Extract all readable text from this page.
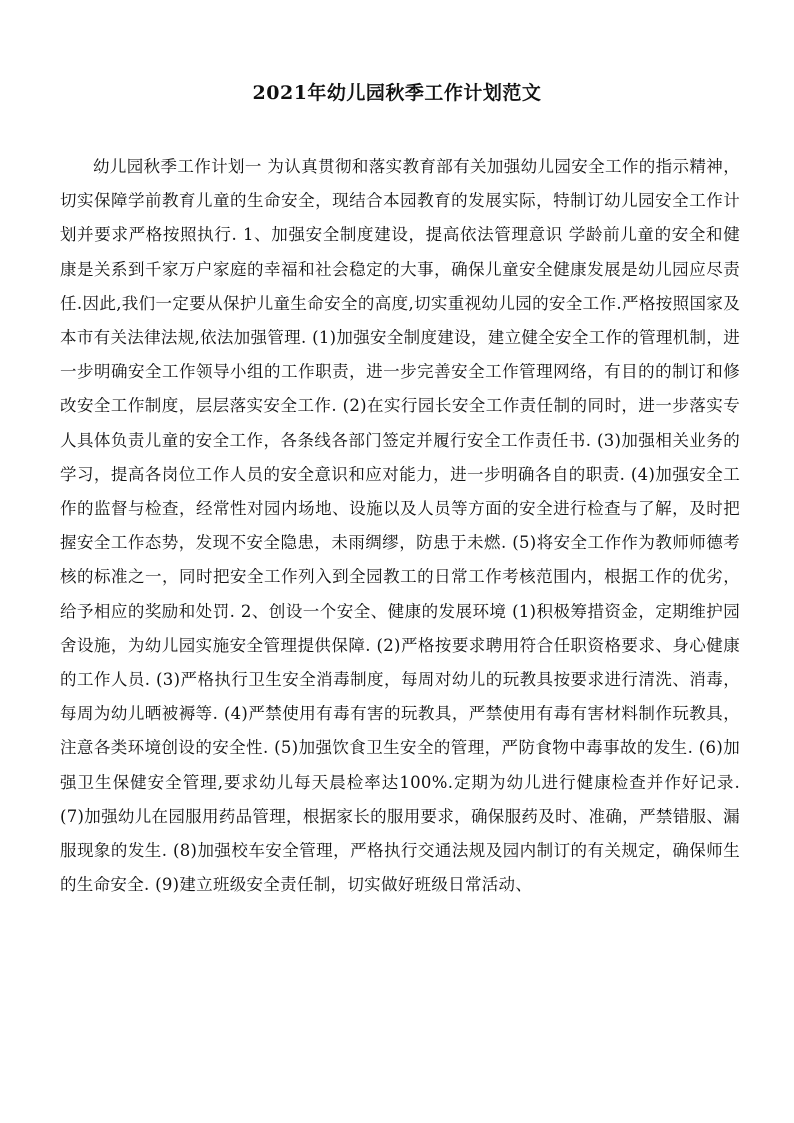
2021年幼儿园秋季工作计划范文

幼儿园秋季工作计划一 为认真贯彻和落实教育部有关加强幼儿园安全工作的指示精神，切实保障学前教育儿童的生命安全，现结合本园教育的发展实际，特制订幼儿园安全工作计划并要求严格按照执行. 1、加强安全制度建设，提高依法管理意识 学龄前儿童的安全和健康是关系到千家万户家庭的幸福和社会稳定的大事，确保儿童安全健康发展是幼儿园应尽责任.因此,我们一定要从保护儿童生命安全的高度,切实重视幼儿园的安全工作.严格按照国家及本市有关法律法规,依法加强管理. (1)加强安全制度建设，建立健全安全工作的管理机制，进一步明确安全工作领导小组的工作职责，进一步完善安全工作管理网络，有目的的制订和修改安全工作制度，层层落实安全工作. (2)在实行园长安全工作责任制的同时，进一步落实专人具体负责儿童的安全工作，各条线各部门签定并履行安全工作责任书. (3)加强相关业务的学习，提高各岗位工作人员的安全意识和应对能力，进一步明确各自的职责. (4)加强安全工作的监督与检查，经常性对园内场地、设施以及人员等方面的安全进行检查与了解，及时把握安全工作态势，发现不安全隐患，未雨绸缪，防患于未燃. (5)将安全工作作为教师师德考核的标准之一，同时把安全工作列入到全园教工的日常工作考核范围内，根据工作的优劣，给予相应的奖励和处罚. 2、创设一个安全、健康的发展环境 (1)积极筹措资金，定期维护园舍设施，为幼儿园实施安全管理提供保障. (2)严格按要求聘用符合任职资格要求、身心健康的工作人员. (3)严格执行卫生安全消毒制度，每周对幼儿的玩教具按要求进行清洗、消毒，每周为幼儿晒被褥等. (4)严禁使用有毒有害的玩教具，严禁使用有毒有害材料制作玩教具，注意各类环境创设的安全性. (5)加强饮食卫生安全的管理，严防食物中毒事故的发生. (6)加强卫生保健安全管理,要求幼儿每天晨检率达100%.定期为幼儿进行健康检查并作好记录. (7)加强幼儿在园服用药品管理，根据家长的服用要求，确保服药及时、准确，严禁错服、漏服现象的发生. (8)加强校车安全管理，严格执行交通法规及园内制订的有关规定，确保师生的生命安全. (9)建立班级安全责任制，切实做好班级日常活动、
